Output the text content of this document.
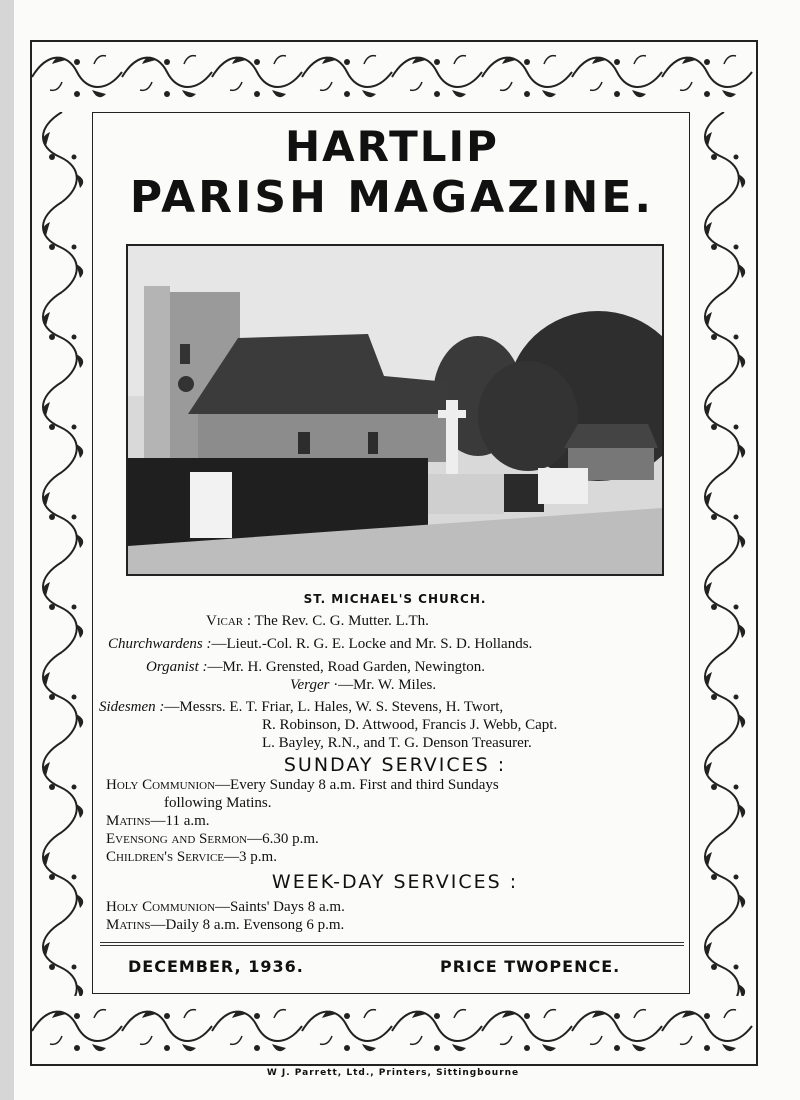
HARTLIP
PARISH MAGAZINE.
ST. MICHAEL'S CHURCH.
Vicar : The Rev. C. G. Mutter. L.Th.
Churchwardens :—Lieut.-Col. R. G. E. Locke and Mr. S. D. Hollands.
Organist :—Mr. H. Grensted, Road Garden, Newington.
Verger ·—Mr. W. Miles.
Sidesmen :—Messrs. E. T. Friar, L. Hales, W. S. Stevens, H. Twort,
R. Robinson, D. Attwood, Francis J. Webb, Capt.
L. Bayley, R.N., and T. G. Denson Treasurer.
SUNDAY SERVICES :
Holy Communion—Every Sunday 8 a.m. First and third Sundays
following Matins.
Matins—11 a.m.
Evensong and Sermon—6.30 p.m.
Children's Service—3 p.m.
WEEK-DAY SERVICES :
Holy Communion—Saints' Days 8 a.m.
Matins—Daily 8 a.m. Evensong 6 p.m.
DECEMBER, 1936.	PRICE TWOPENCE.
W J. Parrett, Ltd., Printers, Sittingbourne
